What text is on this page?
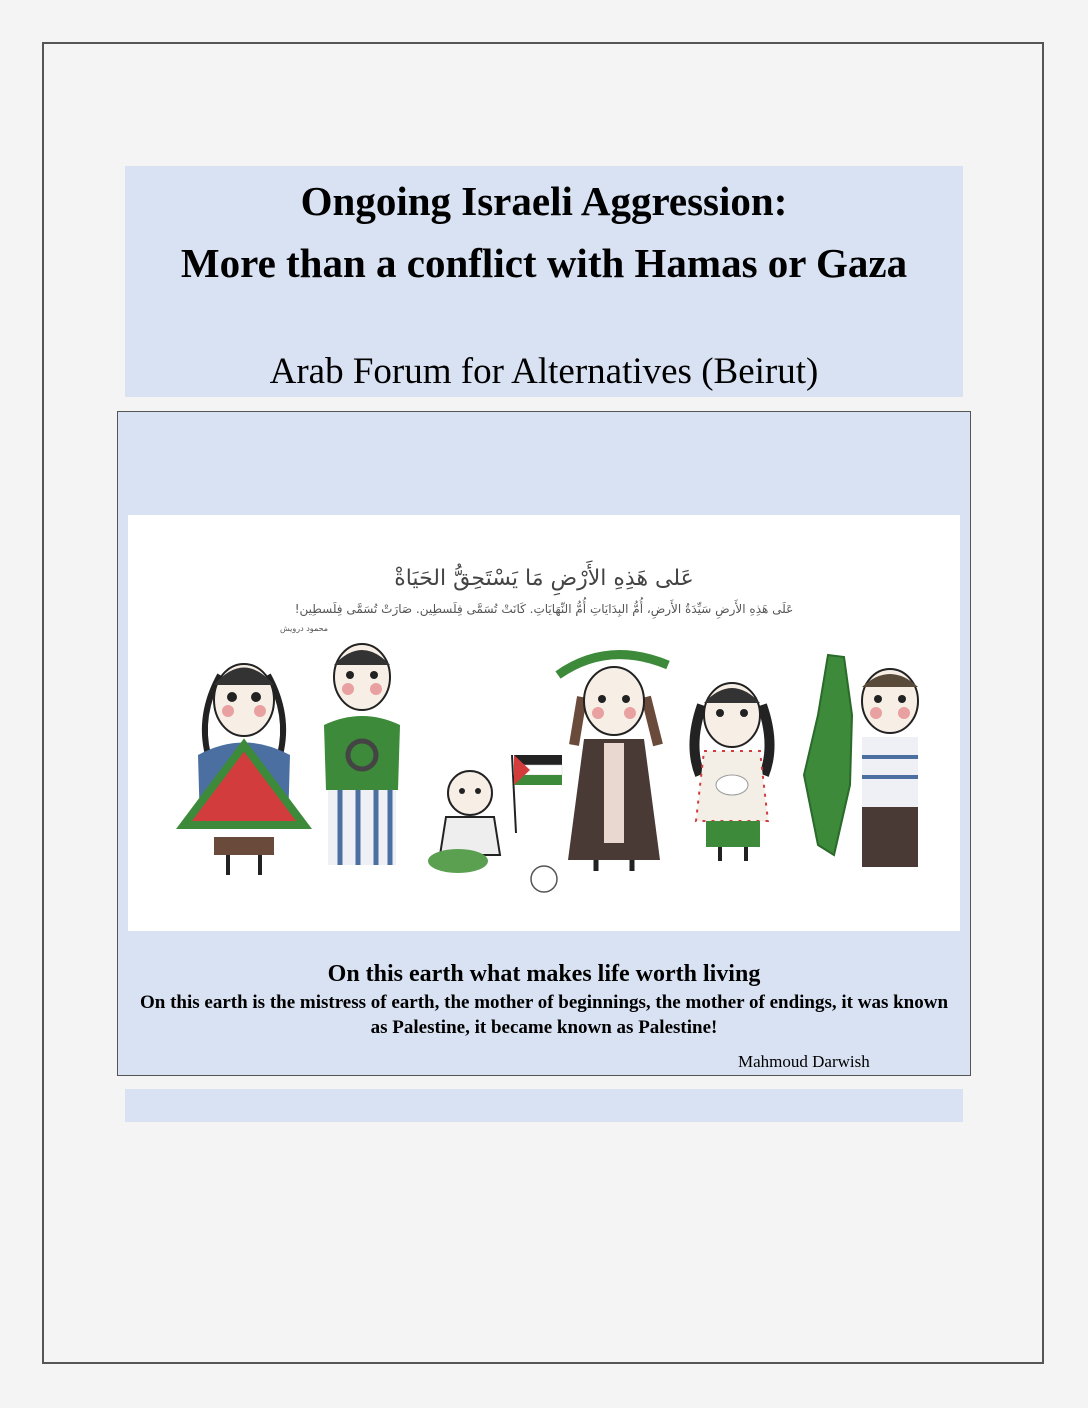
Ongoing Israeli Aggression:

More than a conflict with Hamas or Gaza

Arab Forum for Alternatives (Beirut)
عَلى هَذِهِ الأَرْضِ مَا يَسْتَحِقُّ الحَيَاةْ
عَلَى هَذِهِ الأَرضِ سَيِّدَةُ الأَرضِ، أُمُّ البِدَايَاتِ أُمُّ النِّهَايَاتِ. كَانَتْ تُسَمَّى فِلَسطِين. صَارَتْ تُسَمَّى فِلَسطِين!
محمود درويش
On this earth what makes life worth living
On this earth is the mistress of earth, the mother of beginnings, the mother of endings, it was known as Palestine, it became known as Palestine!
Mahmoud Darwish
